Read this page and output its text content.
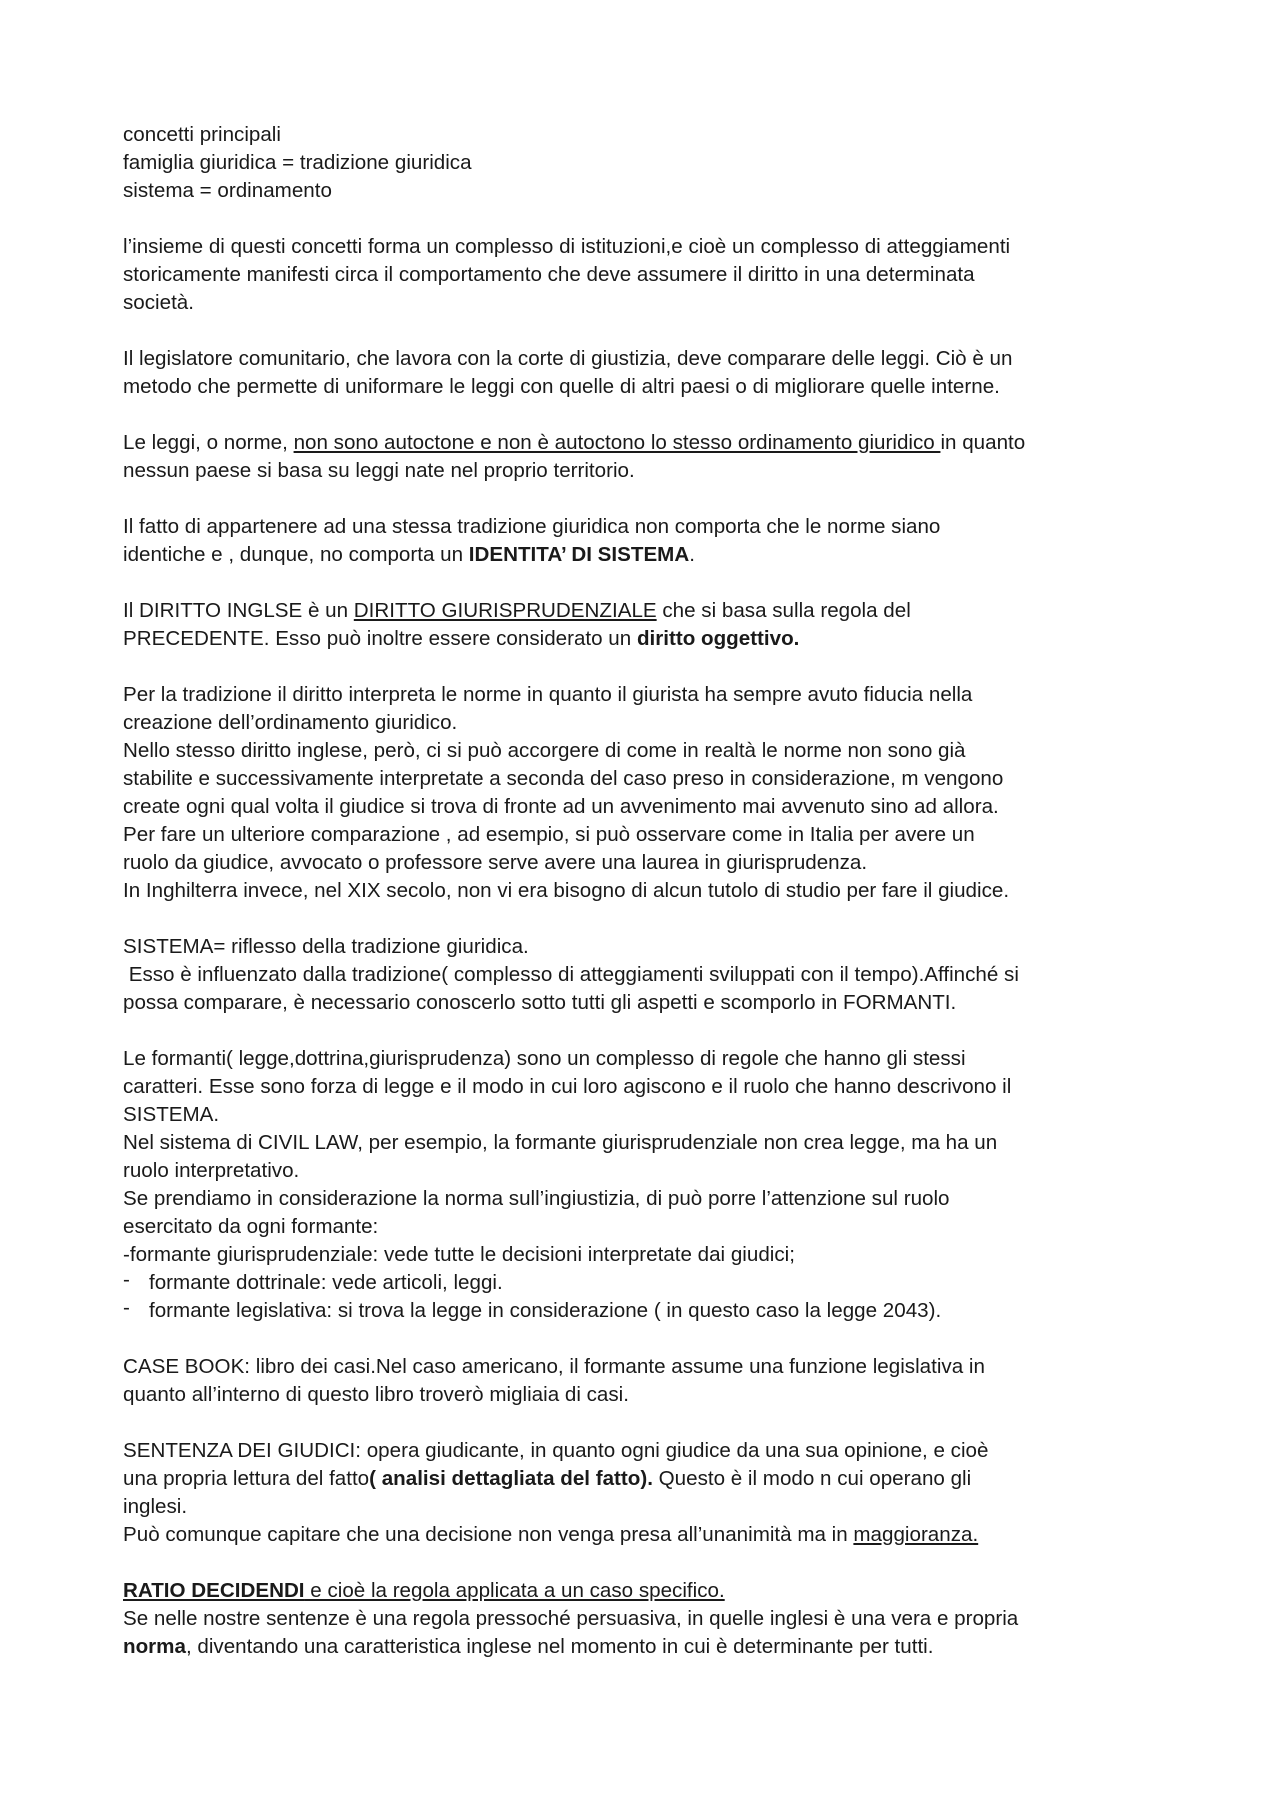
concetti principali
famiglia giuridica = tradizione giuridica
sistema = ordinamento
l’insieme di questi concetti forma un complesso di istituzioni,e cioè un complesso di atteggiamenti
storicamente manifesti circa il comportamento che deve assumere il diritto in una determinata
società.
Il legislatore comunitario, che lavora con la corte di giustizia, deve comparare delle leggi. Ciò è un
metodo che permette di uniformare le leggi con quelle di altri paesi o di migliorare quelle interne.
Le leggi, o norme, non sono autoctone e non è autoctono lo stesso ordinamento giuridico in quanto
nessun paese si basa su leggi nate nel proprio territorio.
Il fatto di appartenere ad una stessa tradizione giuridica non comporta che le norme siano
identiche e , dunque, no comporta un IDENTITA’ DI SISTEMA.
Il DIRITTO INGLSE è un DIRITTO GIURISPRUDENZIALE che si basa sulla regola del
PRECEDENTE. Esso può inoltre essere considerato un diritto oggettivo.
Per la tradizione il diritto interpreta le norme in quanto il giurista ha sempre avuto fiducia nella
creazione dell’ordinamento giuridico.
Nello stesso diritto inglese, però, ci si può accorgere di come in realtà le norme non sono già
stabilite e successivamente interpretate a seconda del caso preso in considerazione, m vengono
create ogni qual volta il giudice si trova di fronte ad un avvenimento mai avvenuto sino ad allora.
Per fare un ulteriore comparazione , ad esempio, si può osservare come in Italia per avere un
ruolo da giudice, avvocato o professore serve avere una laurea in giurisprudenza.
In Inghilterra invece, nel XIX secolo, non vi era bisogno di alcun tutolo di studio per fare il giudice.
SISTEMA= riflesso della tradizione giuridica.
Esso è influenzato dalla tradizione( complesso di atteggiamenti sviluppati con il tempo).Affinché si
possa comparare, è necessario conoscerlo sotto tutti gli aspetti e scomporlo in FORMANTI.
Le formanti( legge,dottrina,giurisprudenza) sono un complesso di regole che hanno gli stessi
caratteri. Esse sono forza di legge e il modo in cui loro agiscono e il ruolo che hanno descrivono il
SISTEMA.
Nel sistema di CIVIL LAW, per esempio, la formante giurisprudenziale non crea legge, ma ha un
ruolo interpretativo.
Se prendiamo in considerazione la norma sull’ingiustizia, di può porre l’attenzione sul ruolo
esercitato da ogni formante:
-formante giurisprudenziale: vede tutte le decisioni interpretate dai giudici;
- formante dottrinale: vede articoli, leggi.
- formante legislativa: si trova la legge in considerazione ( in questo caso la legge 2043).
CASE BOOK: libro dei casi.Nel caso americano, il formante assume una funzione legislativa in
quanto all’interno di questo libro troverò migliaia di casi.
SENTENZA DEI GIUDICI: opera giudicante, in quanto ogni giudice da una sua opinione, e cioè
una propria lettura del fatto( analisi dettagliata del fatto). Questo è il modo n cui operano gli
inglesi.
Può comunque capitare che una decisione non venga presa all’unanimità ma in maggioranza.
RATIO DECIDENDI e cioè la regola applicata a un caso specifico.
Se nelle nostre sentenze è una regola pressoché persuasiva, in quelle inglesi è una vera e propria
norma, diventando una caratteristica inglese nel momento in cui è determinante per tutti.
